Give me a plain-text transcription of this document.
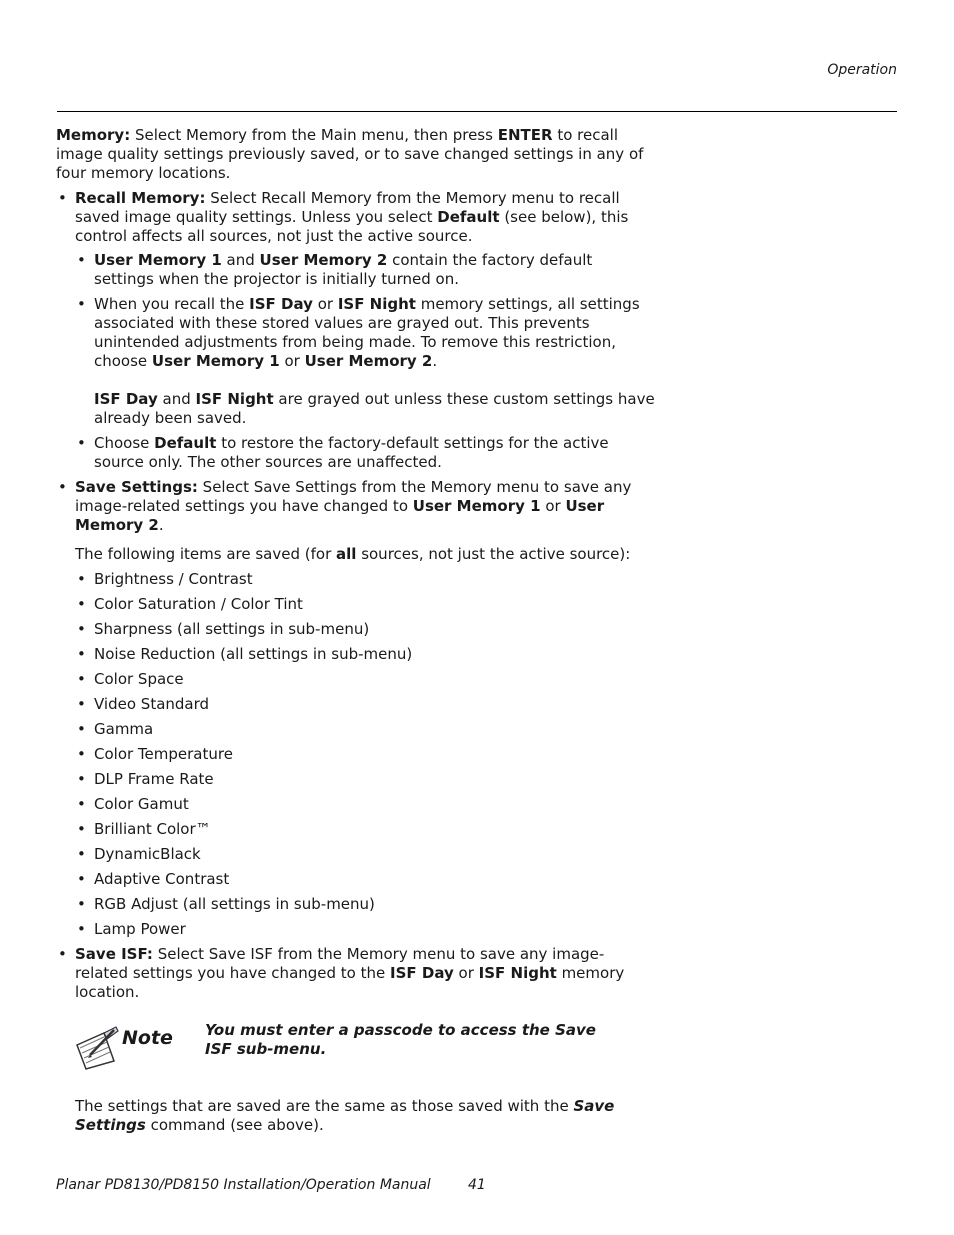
Operation

Memory: Select Memory from the Main menu, then press ENTER to recall image quality settings previously saved, or to save changed settings in any of four memory locations.

• Recall Memory: Select Recall Memory from the Memory menu to recall saved image quality settings. Unless you select Default (see below), this control affects all sources, not just the active source.

• User Memory 1 and User Memory 2 contain the factory default settings when the projector is initially turned on.

• When you recall the ISF Day or ISF Night memory settings, all settings associated with these stored values are grayed out. This prevents unintended adjustments from being made. To remove this restriction, choose User Memory 1 or User Memory 2.

ISF Day and ISF Night are grayed out unless these custom settings have already been saved.

• Choose Default to restore the factory-default settings for the active source only. The other sources are unaffected.

• Save Settings: Select Save Settings from the Memory menu to save any image-related settings you have changed to User Memory 1 or User Memory 2.

The following items are saved (for all sources, not just the active source):

• Brightness / Contrast

• Color Saturation / Color Tint

• Sharpness (all settings in sub-menu)

• Noise Reduction (all settings in sub-menu)

• Color Space

• Video Standard

• Gamma

• Color Temperature

• DLP Frame Rate

• Color Gamut

• Brilliant Color™

• DynamicBlack

• Adaptive Contrast

• RGB Adjust (all settings in sub-menu)

• Lamp Power

• Save ISF: Select Save ISF from the Memory menu to save any image-related settings you have changed to the ISF Day or ISF Night memory location.

Note You must enter a passcode to access the Save ISF sub-menu.

The settings that are saved are the same as those saved with the Save Settings command (see above).

Planar PD8130/PD8150 Installation/Operation Manual	41
